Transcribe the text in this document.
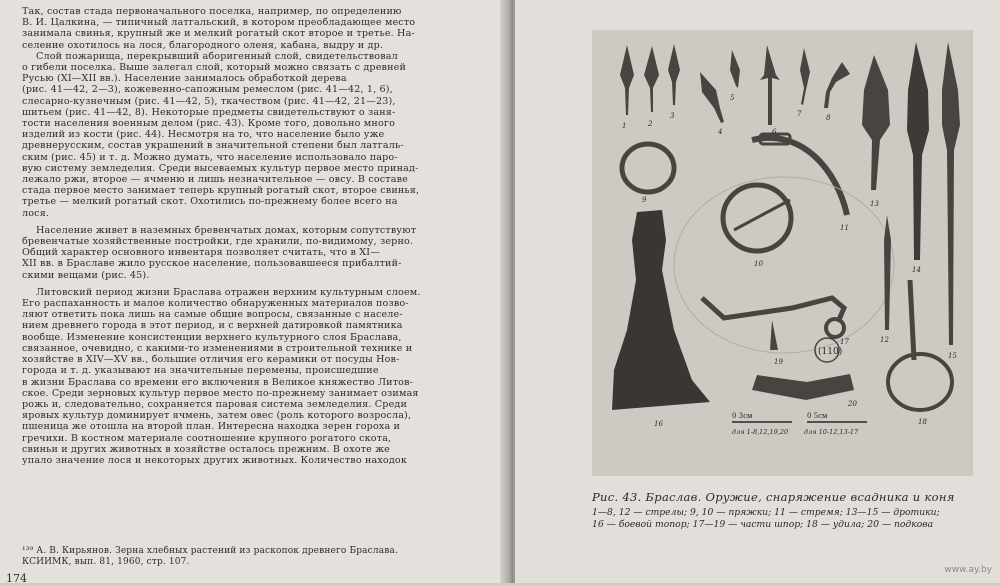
Так, состав стада первоначального поселка, например, по определению
В. И. Цалкина, — типичный латгальский, в котором преобладающее место
занимала свинья, крупный же и мелкий рогатый скот второе и третье. На-
селение охотилось на лося, благородного оленя, кабана, выдру и др.
Слой пожарища, перекрывший аборигенный слой, свидетельствовал
о гибели поселка. Выше залегал слой, который можно связать с древней
Русью (XI—XII вв.). Население занималось обработкой дерева
(рис. 41—42, 2—3), кожевенно-сапожным ремеслом (рис. 41—42, 1, 6),
слесарно-кузнечным (рис. 41—42, 5), ткачеством (рис. 41—42, 21—23),
шитьем (рис. 41—42, 8). Некоторые предметы свидетельствуют о заня-
тости населения военным делом (рис. 43). Кроме того, довольно много
изделий из кости (рис. 44). Несмотря на то, что население было уже
древнерусским, состав украшений в значительной степени был латгаль-
ским (рис. 45) и т. д. Можно думать, что население использовало паро-
вую систему земледелия. Среди высеваемых культур первое место принад-
лежало ржи, второе — ячменю и лишь незначительное — овсу. В составе
стада первое место занимает теперь крупный рогатый скот, второе свинья,
третье — мелкий рогатый скот. Охотились по-прежнему более всего на
лося.
Население живет в наземных бревенчатых домах, которым сопутствуют
бревенчатые хозяйственные постройки, где хранили, по-видимому, зерно.
Общий характер основного инвентаря позволяет считать, что в XI—
XII вв. в Браславе жило русское население, пользовавшееся прибалтий-
скими вещами (рис. 45).
Литовский период жизни Браслава отражен верхним культурным слоем.
Его распаханность и малое количество обнаруженных материалов позво-
ляют ответить пока лишь на самые общие вопросы, связанные с населе-
нием древнего города в этот период, и с верхней датировкой памятника
вообще. Изменение консистенции верхнего культурного слоя Браслава,
связанное, очевидно, с какими-то изменениями в строительной технике и
хозяйстве в XIV—XV вв., большие отличия его керамики от посуды Нов-
города и т. д. указывают на значительные перемены, происшедшие
в жизни Браслава со времени его включения в Великое княжество Литов-
ское. Среди зерновых культур первое место по-прежнему занимает озимая
рожь и, следовательно, сохраняется паровая система земледелия. Среди
яровых культур доминирует ячмень, затем овес (роль которого возросла),
пшеница же отошла на второй план. Интересна находка зерен гороха и
гречихи. В костном материале соотношение крупного рогатого скота,
свиньи и других животных в хозяйстве осталось прежним. В охоте же
упало значение лося и некоторых других животных. Количество находок
¹³⁹ А. В. Кирьянов. Зерна хлебных растений из раскопок древнего Браслава.
КСИИМК, вып. 81, 1960, стр. 107.
174
(110)
0 3см	0 5см
для 1-8,12,19,20 для 10-12,13-17
1	2
3
4
5
6
7	8
9
10
11
12
13
14
15
16
17
18
19
20
Рис. 43. Браслав. Оружие, снаряжение всадника и коня
1—8, 12 — стрелы; 9, 10 — пряжки; 11 — стремя; 13—15 — дротики;
16 — боевой топор; 17—19 — части шпор; 18 — удила; 20 — подкова
www.ay.by
